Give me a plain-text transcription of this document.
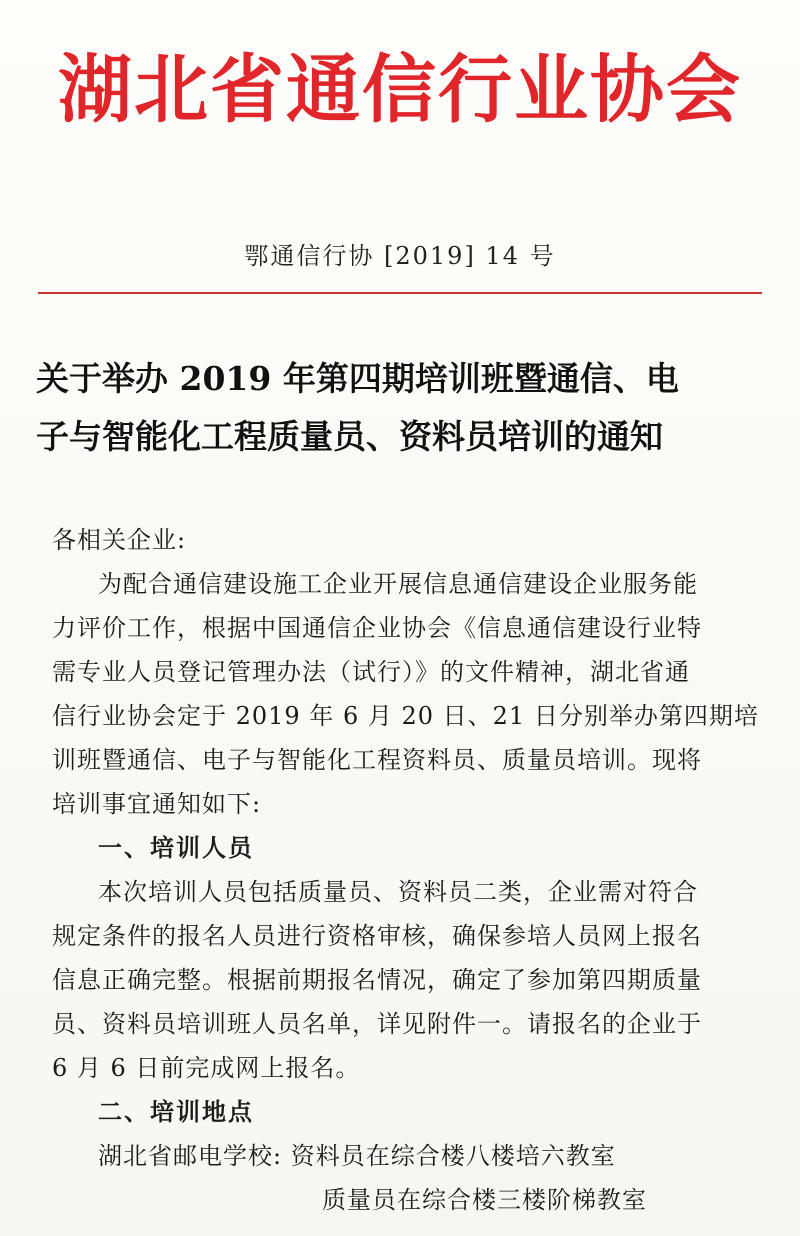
湖北省通信行业协会
鄂通信行协 [2019] 14 号
关于举办 2019 年第四期培训班暨通信、电
子与智能化工程质量员、资料员培训的通知
各相关企业:
为配合通信建设施工企业开展信息通信建设企业服务能
力评价工作，根据中国通信企业协会《信息通信建设行业特
需专业人员登记管理办法（试行）》的文件精神，湖北省通
信行业协会定于 2019 年 6 月 20 日、21 日分别举办第四期培
训班暨通信、电子与智能化工程资料员、质量员培训。现将
培训事宜通知如下:
一、培训人员
本次培训人员包括质量员、资料员二类，企业需对符合
规定条件的报名人员进行资格审核，确保参培人员网上报名
信息正确完整。根据前期报名情况，确定了参加第四期质量
员、资料员培训班人员名单，详见附件一。请报名的企业于
6 月 6 日前完成网上报名。
二、培训地点
湖北省邮电学校: 资料员在综合楼八楼培六教室
质量员在综合楼三楼阶梯教室
